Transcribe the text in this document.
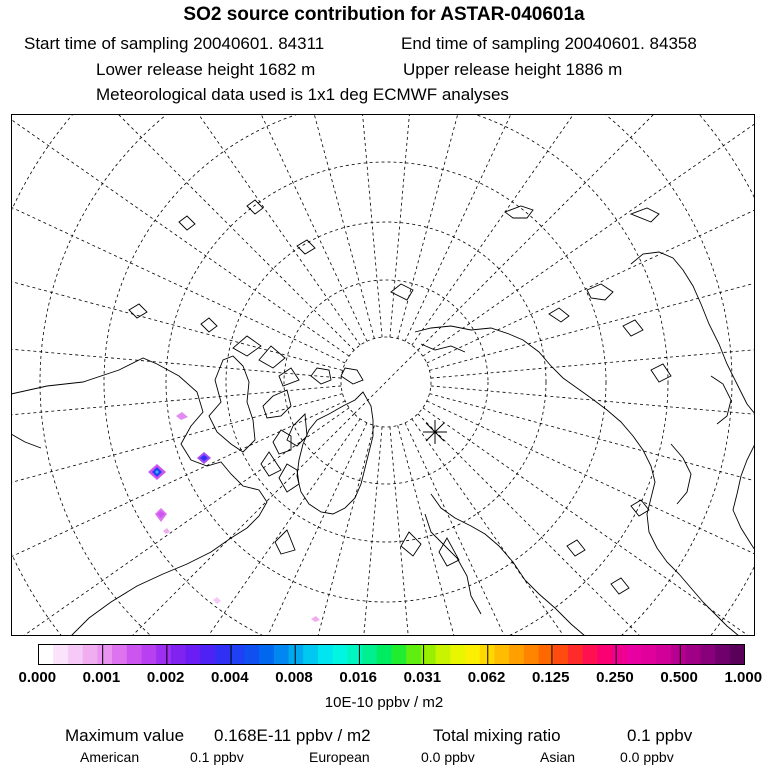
SO2 source contribution for ASTAR-040601a
Start time of sampling 20040601. 84311	End time of sampling 20040601. 84358
Lower release height 1682 m	Upper release height 1886 m
Meteorological data used is 1x1 deg ECMWF analyses
0.000 0.001 0.002 0.004 0.008 0.016 0.031 0.062 0.125 0.250 0.500 1.000
10E-10 ppbv / m2
Maximum value 0.168E-11 ppbv / m2	Total mixing ratio	0.1 ppbv
American	0.1 ppbv	European	0.0 ppbv	Asian	0.0 ppbv
